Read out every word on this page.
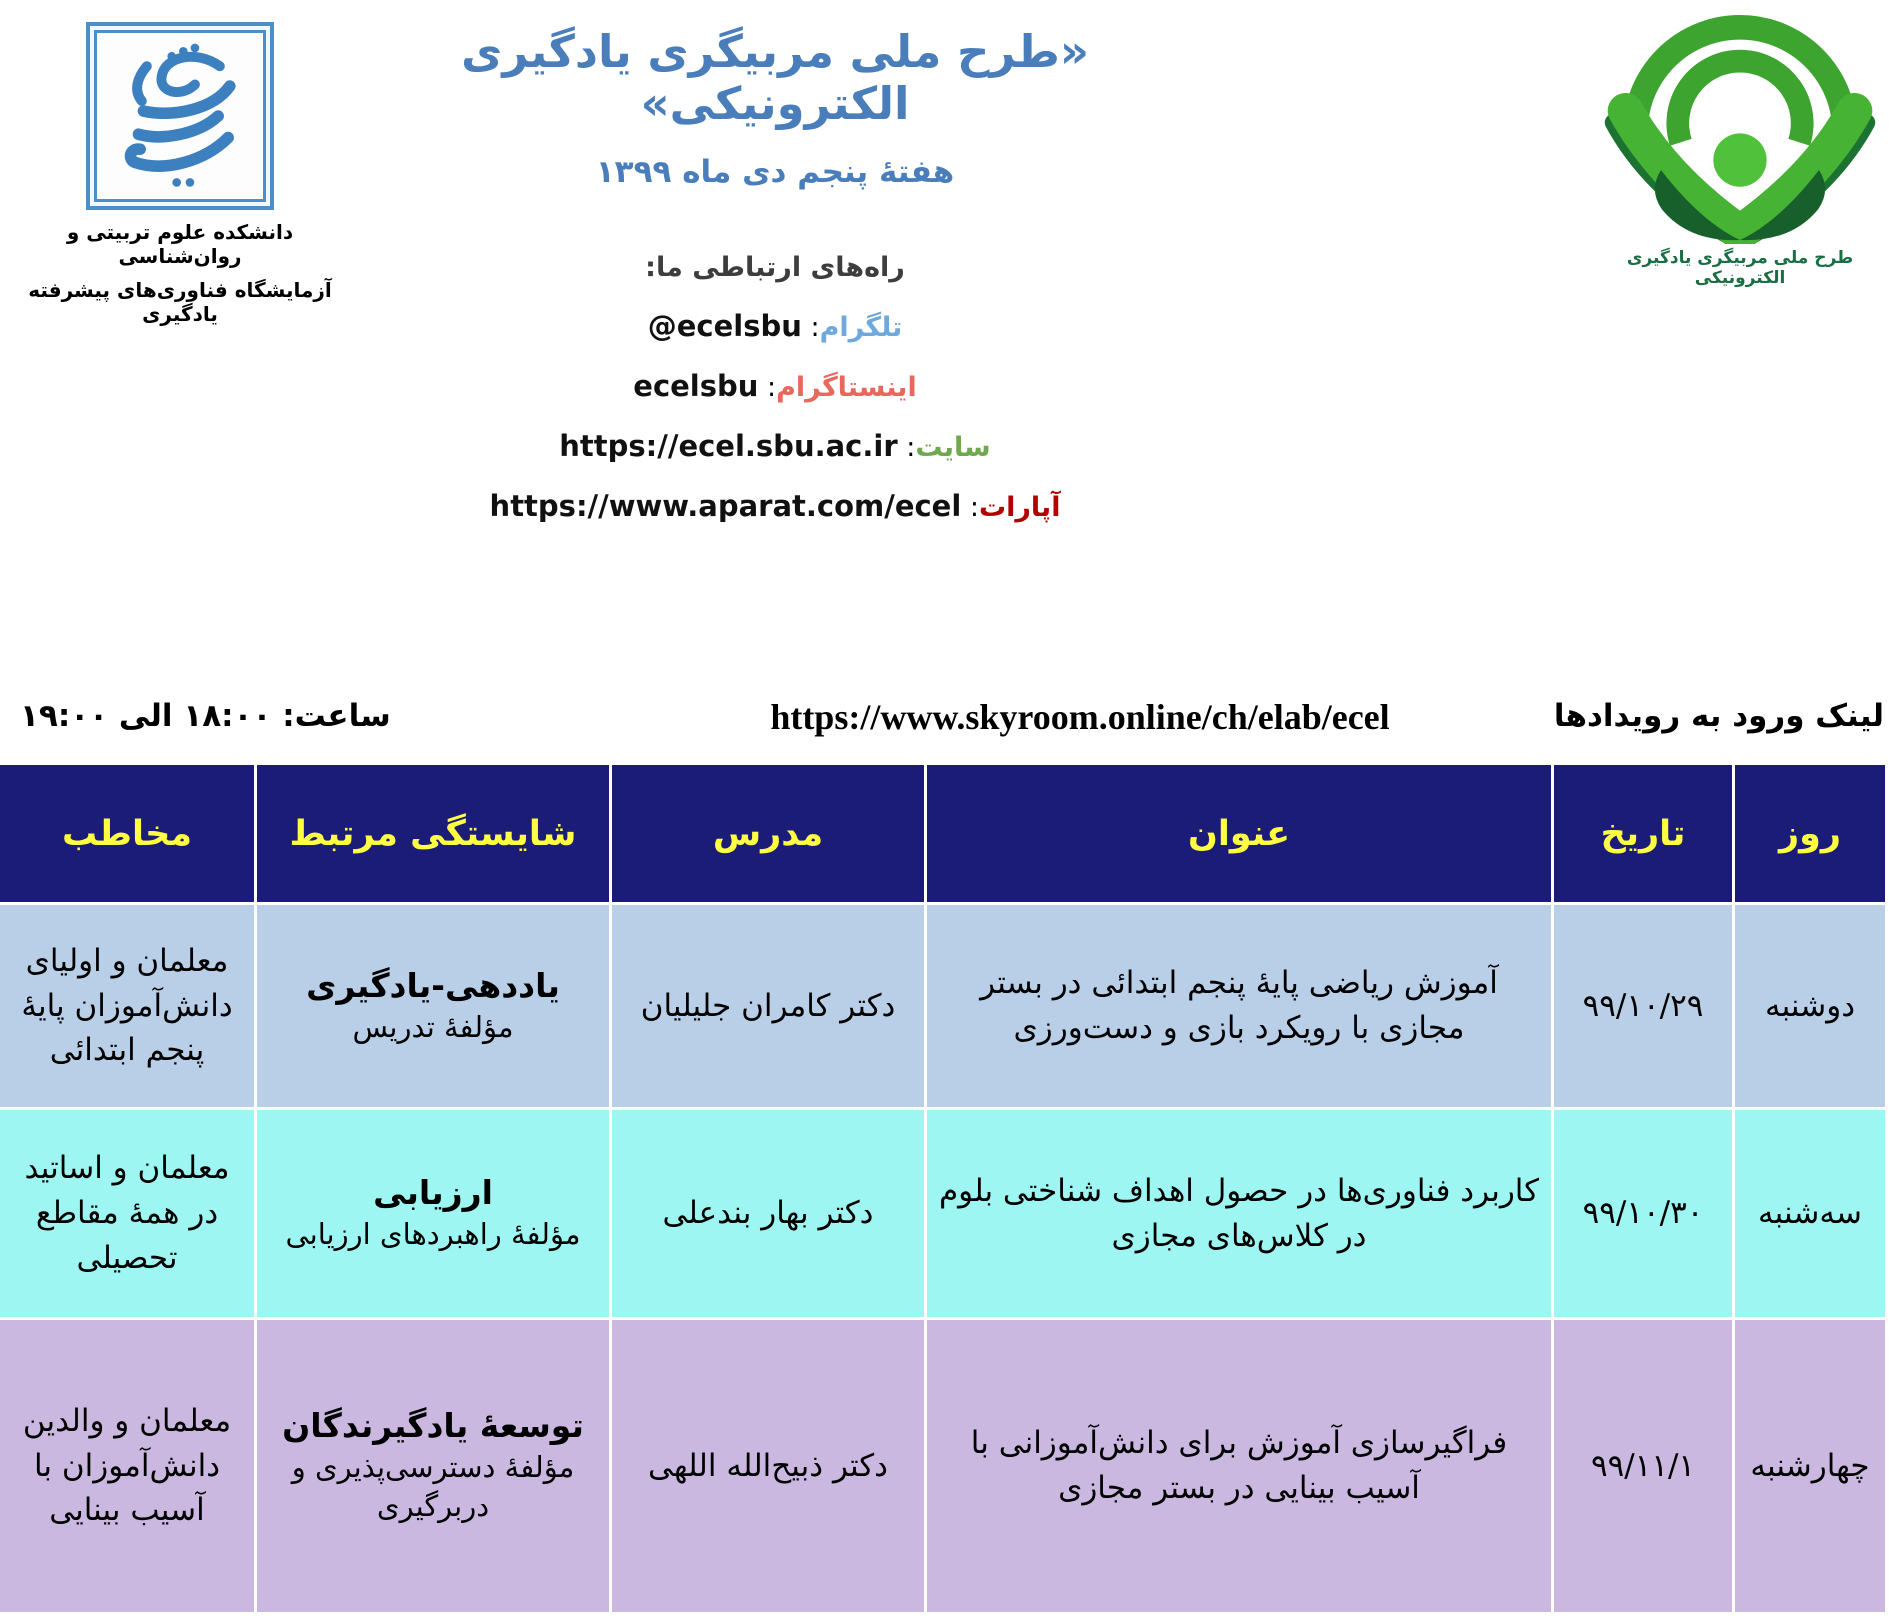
دانشکده علوم تربیتی و روان‌شناسی
آزمایشگاه فناوری‌های پیشرفته یادگیری
«طرح ملی مربیگری یادگیری الکترونیکی»
هفتهٔ پنجم دی ماه ۱۳۹۹
راه‌های ارتباطی ما:
تلگرام: @ecelsbu
اینستاگرام: ecelsbu
سایت: https://ecel.sbu.ac.ir
آپارات: https://www.aparat.com/ecel
طرح ملی مربیگری یادگیری الکترونیکی
ساعت: ۱۸:۰۰ الی ۱۹:۰۰	https://www.skyroom.online/ch/elab/ecel	لینک ورود به رویدادها
روز
تاریخ
عنوان
مدرس
شایستگی مرتبط
مخاطب
دوشنبه
۹۹/۱۰/۲۹
آموزش ریاضی پایهٔ پنجم ابتدائی در بستر مجازی با رویکرد بازی و دست‌ورزی
دکتر کامران جلیلیان
یاددهی-یادگیری
مؤلفهٔ تدریس
معلمان و اولیای دانش‌آموزان پایهٔ پنجم ابتدائی
سه‌شنبه
۹۹/۱۰/۳۰
کاربرد فناوری‌ها در حصول اهداف شناختی بلوم در کلاس‌های مجازی
دکتر بهار بندعلی
ارزیابی
مؤلفهٔ راهبردهای ارزیابی
معلمان و اساتید در همهٔ مقاطع تحصیلی
چهارشنبه
۹۹/۱۱/۱
فراگیرسازی آموزش برای دانش‌آموزانی با آسیب بینایی در بستر مجازی
دکتر ذبیح‌الله اللهی
توسعهٔ یادگیرندگان
مؤلفهٔ دسترسی‌پذیری و دربرگیری
معلمان و والدین دانش‌آموزان با آسیب بینایی
